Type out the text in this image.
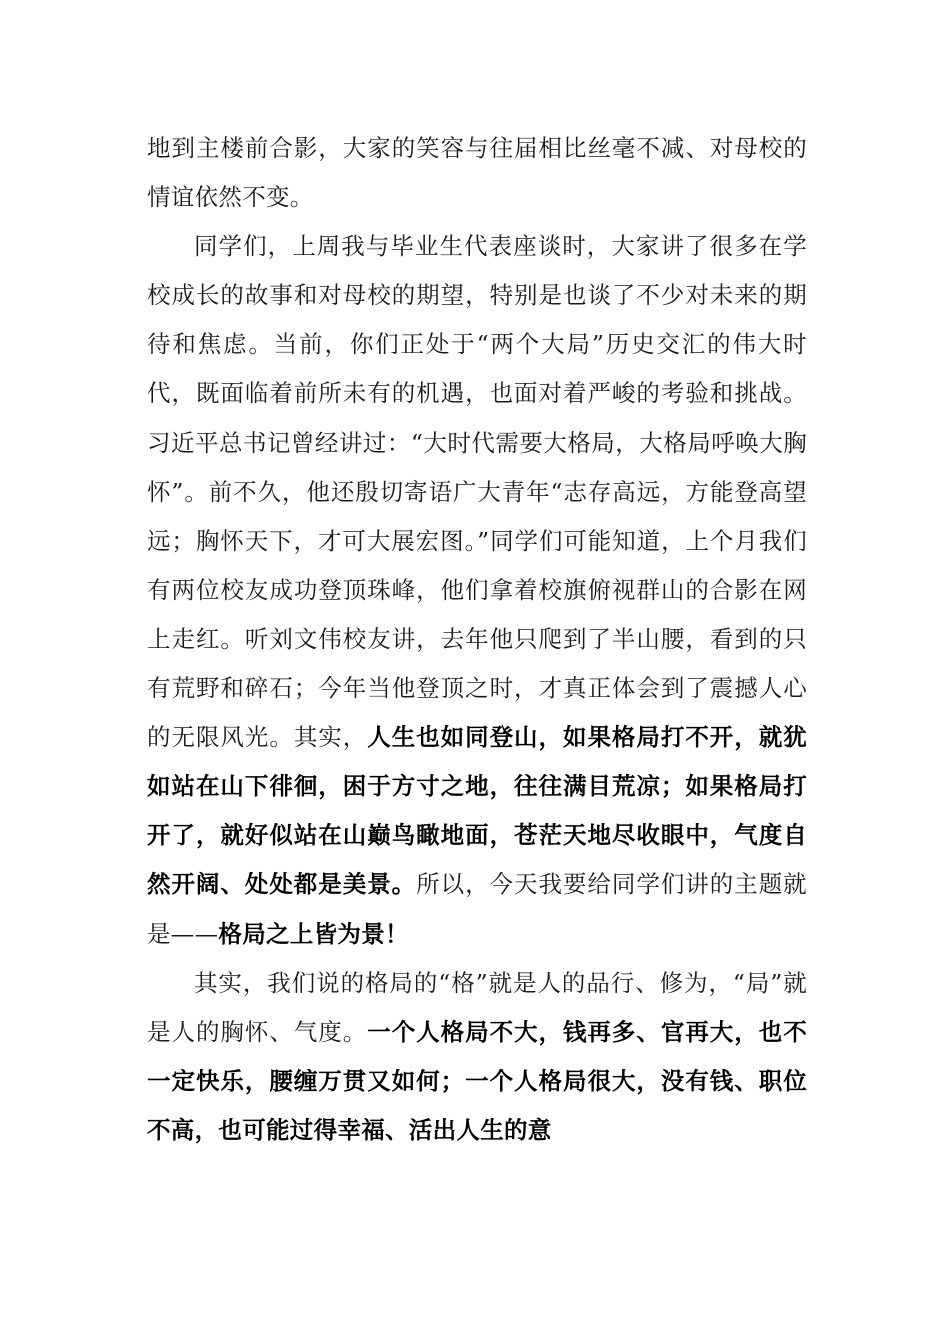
地到主楼前合影，大家的笑容与往届相比丝毫不减、对母校的情谊依然不变。

同学们，上周我与毕业生代表座谈时，大家讲了很多在学校成长的故事和对母校的期望，特别是也谈了不少对未来的期待和焦虑。当前，你们正处于“两个大局”历史交汇的伟大时代，既面临着前所未有的机遇，也面对着严峻的考验和挑战。习近平总书记曾经讲过：“大时代需要大格局，大格局呼唤大胸怀”。前不久，他还殷切寄语广大青年“志存高远，方能登高望远；胸怀天下，才可大展宏图。”同学们可能知道，上个月我们有两位校友成功登顶珠峰，他们拿着校旗俯视群山的合影在网上走红。听刘文伟校友讲，去年他只爬到了半山腰，看到的只有荒野和碎石；今年当他登顶之时，才真正体会到了震撼人心的无限风光。其实，人生也如同登山，如果格局打不开，就犹如站在山下徘徊，困于方寸之地，往往满目荒凉；如果格局打开了，就好似站在山巅鸟瞰地面，苍茫天地尽收眼中，气度自然开阔、处处都是美景。所以，今天我要给同学们讲的主题就是——格局之上皆为景！

其实，我们说的格局的“格”就是人的品行、修为，“局”就是人的胸怀、气度。一个人格局不大，钱再多、官再大，也不一定快乐，腰缠万贯又如何；一个人格局很大，没有钱、职位不高，也可能过得幸福、活出人生的意
